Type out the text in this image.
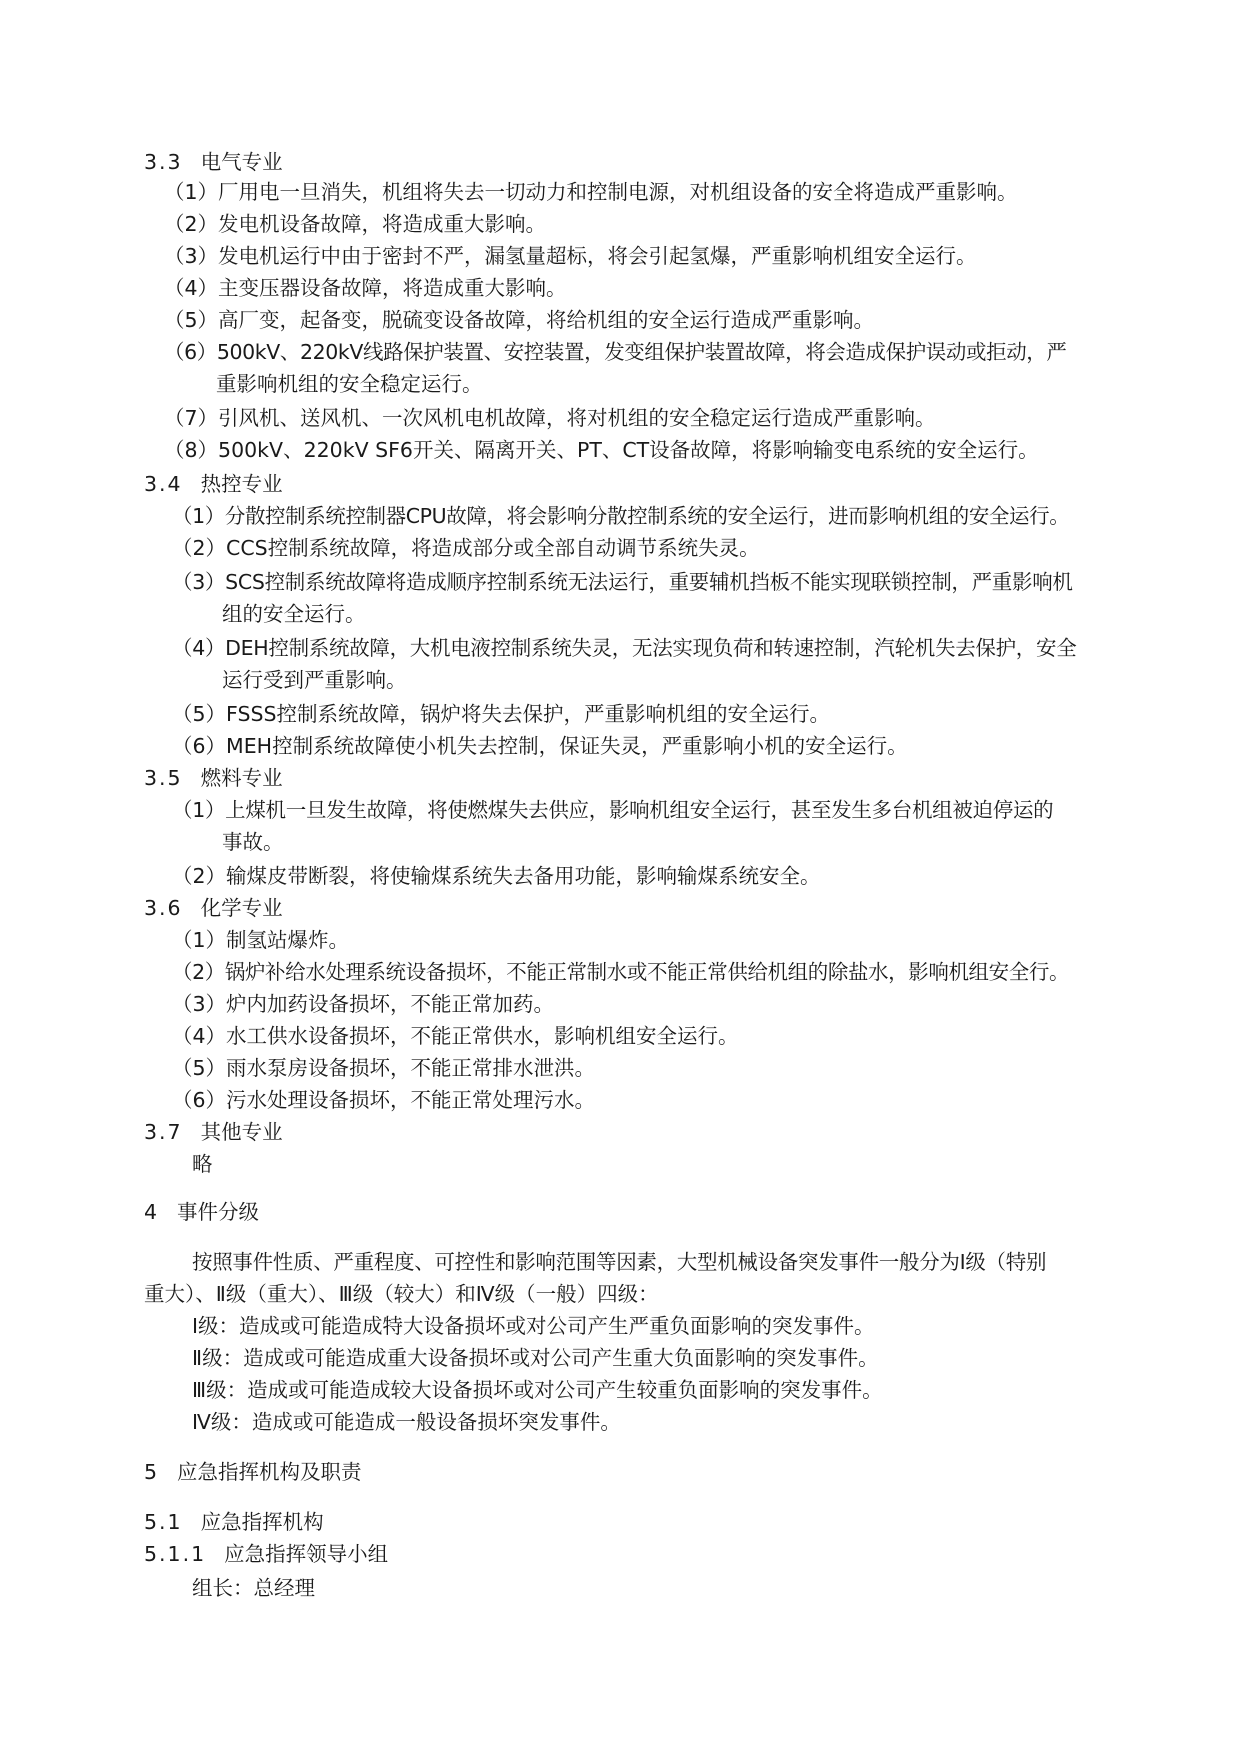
3.3 电气专业
（1）厂用电一旦消失，机组将失去一切动力和控制电源，对机组设备的安全将造成严重影响。
（2）发电机设备故障，将造成重大影响。
（3）发电机运行中由于密封不严，漏氢量超标，将会引起氢爆，严重影响机组安全运行。
（4）主变压器设备故障，将造成重大影响。
（5）高厂变，起备变，脱硫变设备故障，将给机组的安全运行造成严重影响。
（6）500kV、220kV线路保护装置、安控装置，发变组保护装置故障，将会造成保护误动或拒动，严
重影响机组的安全稳定运行。
（7）引风机、送风机、一次风机电机故障，将对机组的安全稳定运行造成严重影响。
（8）500kV、220kV SF6开关、隔离开关、PT、CT设备故障，将影响输变电系统的安全运行。
3.4 热控专业
（1）分散控制系统控制器CPU故障，将会影响分散控制系统的安全运行，进而影响机组的安全运行。
（2）CCS控制系统故障，将造成部分或全部自动调节系统失灵。
（3）SCS控制系统故障将造成顺序控制系统无法运行，重要辅机挡板不能实现联锁控制，严重影响机
组的安全运行。
（4）DEH控制系统故障，大机电液控制系统失灵，无法实现负荷和转速控制，汽轮机失去保护，安全
运行受到严重影响。
（5）FSSS控制系统故障，锅炉将失去保护，严重影响机组的安全运行。
（6）MEH控制系统故障使小机失去控制，保证失灵，严重影响小机的安全运行。
3.5 燃料专业
（1）上煤机一旦发生故障，将使燃煤失去供应，影响机组安全运行，甚至发生多台机组被迫停运的
事故。
（2）输煤皮带断裂，将使输煤系统失去备用功能，影响输煤系统安全。
3.6 化学专业
（1）制氢站爆炸。
（2）锅炉补给水处理系统设备损坏，不能正常制水或不能正常供给机组的除盐水，影响机组安全行。
（3）炉内加药设备损坏，不能正常加药。
（4）水工供水设备损坏，不能正常供水，影响机组安全运行。
（5）雨水泵房设备损坏，不能正常排水泄洪。
（6）污水处理设备损坏，不能正常处理污水。
3.7 其他专业
略
4 事件分级
按照事件性质、严重程度、可控性和影响范围等因素，大型机械设备突发事件一般分为Ⅰ级（特别
重大）、Ⅱ级（重大）、Ⅲ级（较大）和Ⅳ级（一般）四级：
Ⅰ级：造成或可能造成特大设备损坏或对公司产生严重负面影响的突发事件。
Ⅱ级：造成或可能造成重大设备损坏或对公司产生重大负面影响的突发事件。
Ⅲ级：造成或可能造成较大设备损坏或对公司产生较重负面影响的突发事件。
Ⅳ级：造成或可能造成一般设备损坏突发事件。
5 应急指挥机构及职责
5.1 应急指挥机构
5.1.1 应急指挥领导小组
组长：总经理
